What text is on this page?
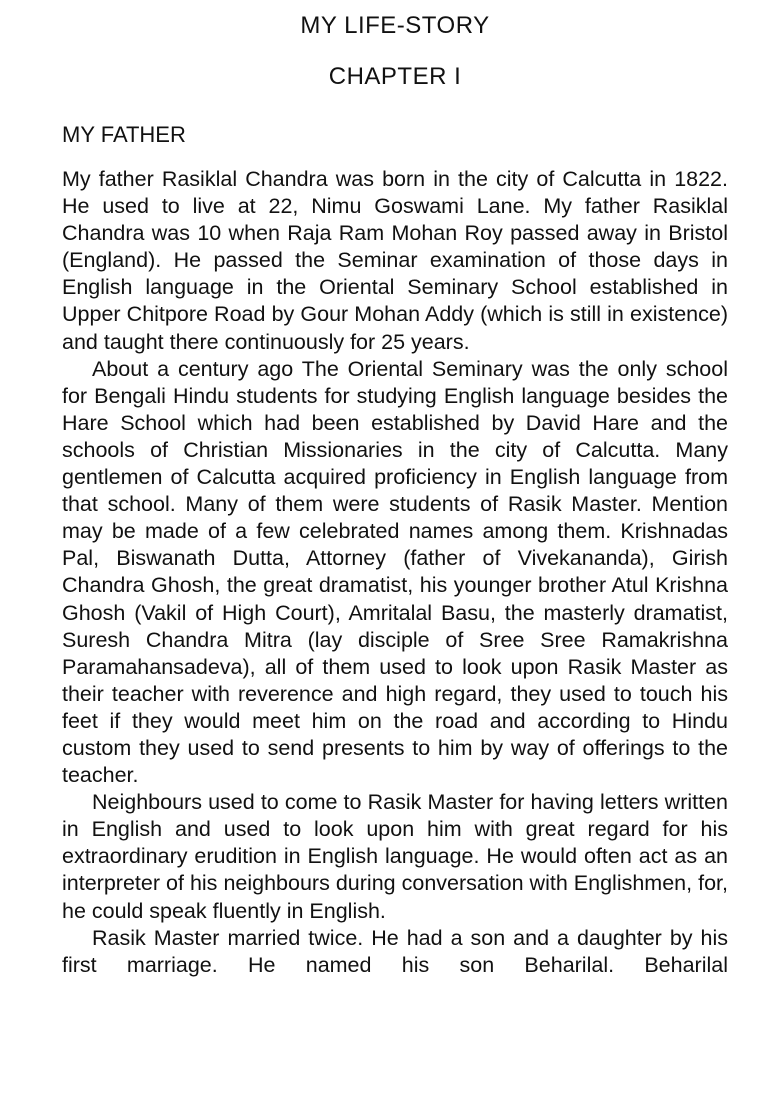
MY LIFE-STORY
CHAPTER I
MY FATHER

My father Rasiklal Chandra was born in the city of Calcutta in 1822. He used to live at 22, Nimu Goswami Lane. My father Rasiklal Chandra was 10 when Raja Ram Mohan Roy passed away in Bristol (England). He passed the Seminar examination of those days in English language in the Oriental Seminary School established in Upper Chitpore Road by Gour Mohan Addy (which is still in existence) and taught there continuously for 25 years.

About a century ago The Oriental Seminary was the only school for Bengali Hindu students for studying English language besides the Hare School which had been established by David Hare and the schools of Christian Missionaries in the city of Calcutta. Many gentlemen of Calcutta acquired proficiency in English language from that school. Many of them were students of Rasik Master. Mention may be made of a few celebrated names among them. Krishnadas Pal, Biswanath Dutta, Attorney (father of Vivekananda), Girish Chandra Ghosh, the great dramatist, his younger brother Atul Krishna Ghosh (Vakil of High Court), Amritalal Basu, the masterly dramatist, Suresh Chandra Mitra (lay disciple of Sree Sree Ramakrishna Paramahansadeva), all of them used to look upon Rasik Master as their teacher with reverence and high regard, they used to touch his feet if they would meet him on the road and according to Hindu custom they used to send presents to him by way of offerings to the teacher.

Neighbours used to come to Rasik Master for having letters written in English and used to look upon him with great regard for his extraordinary erudition in English language. He would often act as an interpreter of his neighbours during conversation with Englishmen, for, he could speak fluently in English.

Rasik Master married twice. He had a son and a daughter by his first marriage. He named his son Beharilal. Beharilal
